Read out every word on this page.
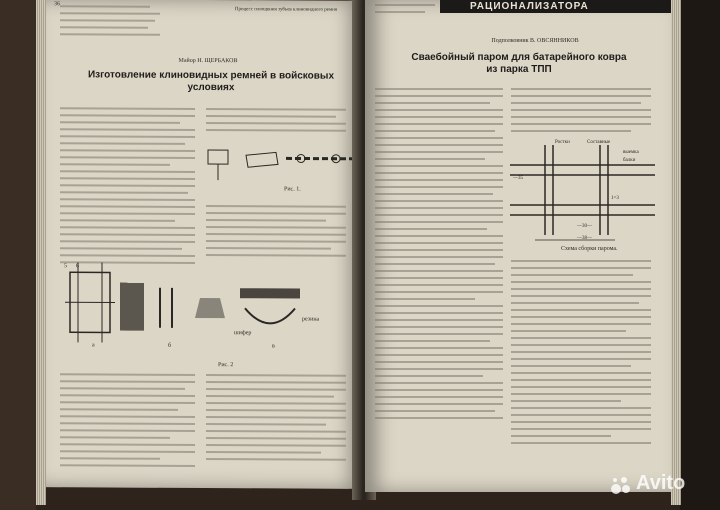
36
Процесс плющения зубьев клиновидного ремня
Майор Н. ЩЕРБАКОВ
Изготовление клиновидных ремней в войсковых
условиях
Рис. 1.
а	б	в
5 6
шифер
резина
Рис. 2
Подполковник В. ОВСЯННИКОВ
Сваебойный паром для батарейного ковра
из парка ТПП
Ростки	Составные
выемка
балки
—35
—30—
—38—
1=3
Схема сборки парома.
РАЦИОНАЛИЗАТОРА
Avito
